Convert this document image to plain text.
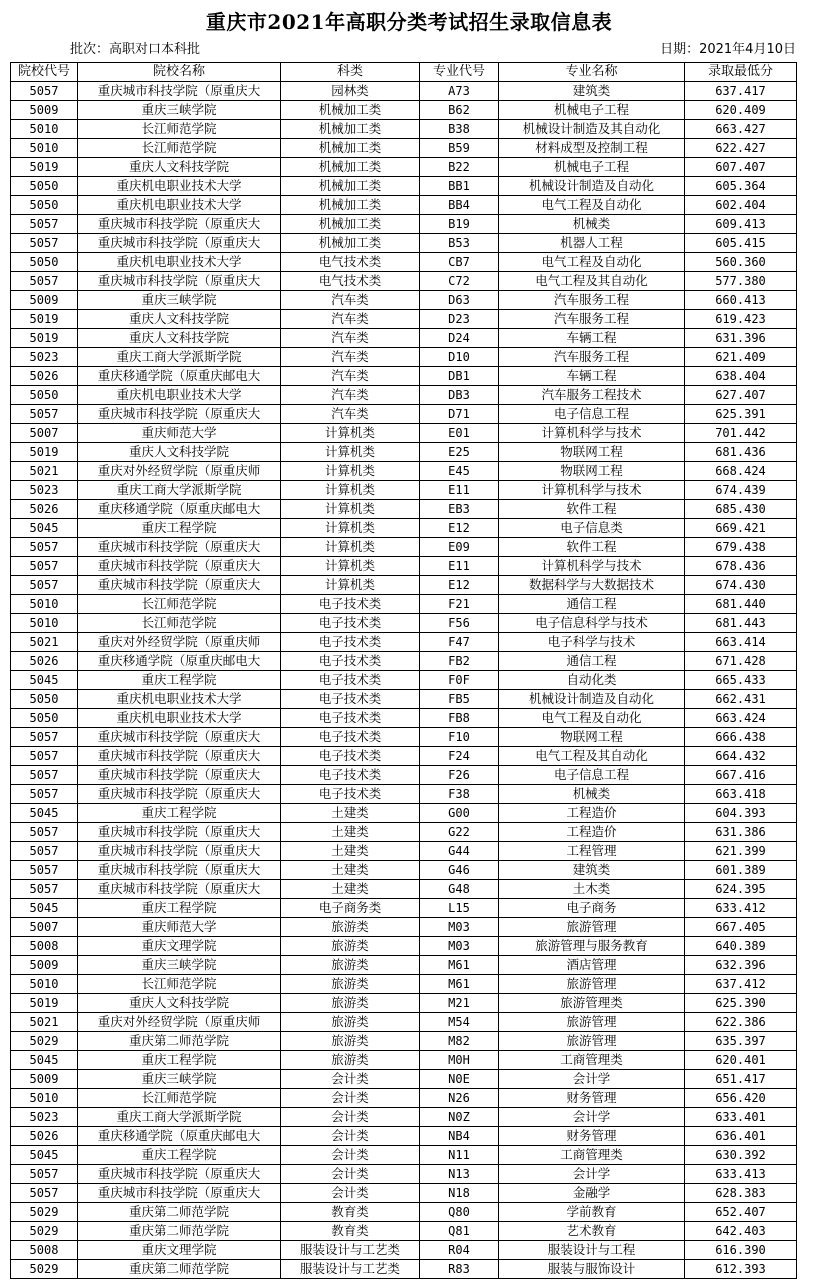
重庆市2021年高职分类考试招生录取信息表
批次：高职对口本科批	日期：2021年4月10日
院校代号	院校名称	科类	专业代号	专业名称	录取最低分
5057	重庆城市科技学院（原重庆大	园林类	A73	建筑类	637.417
5009	重庆三峡学院	机械加工类	B62	机械电子工程	620.409
5010	长江师范学院	机械加工类	B38	机械设计制造及其自动化	663.427
5010	长江师范学院	机械加工类	B59	材料成型及控制工程	622.427
5019	重庆人文科技学院	机械加工类	B22	机械电子工程	607.407
5050	重庆机电职业技术大学	机械加工类	BB1	机械设计制造及自动化	605.364
5050	重庆机电职业技术大学	机械加工类	BB4	电气工程及自动化	602.404
5057	重庆城市科技学院（原重庆大	机械加工类	B19	机械类	609.413
5057	重庆城市科技学院（原重庆大	机械加工类	B53	机器人工程	605.415
5050	重庆机电职业技术大学	电气技术类	CB7	电气工程及自动化	560.360
5057	重庆城市科技学院（原重庆大	电气技术类	C72	电气工程及其自动化	577.380
5009	重庆三峡学院	汽车类	D63	汽车服务工程	660.413
5019	重庆人文科技学院	汽车类	D23	汽车服务工程	619.423
5019	重庆人文科技学院	汽车类	D24	车辆工程	631.396
5023	重庆工商大学派斯学院	汽车类	D10	汽车服务工程	621.409
5026	重庆移通学院（原重庆邮电大	汽车类	DB1	车辆工程	638.404
5050	重庆机电职业技术大学	汽车类	DB3	汽车服务工程技术	627.407
5057	重庆城市科技学院（原重庆大	汽车类	D71	电子信息工程	625.391
5007	重庆师范大学	计算机类	E01	计算机科学与技术	701.442
5019	重庆人文科技学院	计算机类	E25	物联网工程	681.436
5021	重庆对外经贸学院（原重庆师	计算机类	E45	物联网工程	668.424
5023	重庆工商大学派斯学院	计算机类	E11	计算机科学与技术	674.439
5026	重庆移通学院（原重庆邮电大	计算机类	EB3	软件工程	685.430
5045	重庆工程学院	计算机类	E12	电子信息类	669.421
5057	重庆城市科技学院（原重庆大	计算机类	E09	软件工程	679.438
5057	重庆城市科技学院（原重庆大	计算机类	E11	计算机科学与技术	678.436
5057	重庆城市科技学院（原重庆大	计算机类	E12	数据科学与大数据技术	674.430
5010	长江师范学院	电子技术类	F21	通信工程	681.440
5010	长江师范学院	电子技术类	F56	电子信息科学与技术	681.443
5021	重庆对外经贸学院（原重庆师	电子技术类	F47	电子科学与技术	663.414
5026	重庆移通学院（原重庆邮电大	电子技术类	FB2	通信工程	671.428
5045	重庆工程学院	电子技术类	F0F	自动化类	665.433
5050	重庆机电职业技术大学	电子技术类	FB5	机械设计制造及自动化	662.431
5050	重庆机电职业技术大学	电子技术类	FB8	电气工程及自动化	663.424
5057	重庆城市科技学院（原重庆大	电子技术类	F10	物联网工程	666.438
5057	重庆城市科技学院（原重庆大	电子技术类	F24	电气工程及其自动化	664.432
5057	重庆城市科技学院（原重庆大	电子技术类	F26	电子信息工程	667.416
5057	重庆城市科技学院（原重庆大	电子技术类	F38	机械类	663.418
5045	重庆工程学院	土建类	G00	工程造价	604.393
5057	重庆城市科技学院（原重庆大	土建类	G22	工程造价	631.386
5057	重庆城市科技学院（原重庆大	土建类	G44	工程管理	621.399
5057	重庆城市科技学院（原重庆大	土建类	G46	建筑类	601.389
5057	重庆城市科技学院（原重庆大	土建类	G48	土木类	624.395
5045	重庆工程学院	电子商务类	L15	电子商务	633.412
5007	重庆师范大学	旅游类	M03	旅游管理	667.405
5008	重庆文理学院	旅游类	M03	旅游管理与服务教育	640.389
5009	重庆三峡学院	旅游类	M61	酒店管理	632.396
5010	长江师范学院	旅游类	M61	旅游管理	637.412
5019	重庆人文科技学院	旅游类	M21	旅游管理类	625.390
5021	重庆对外经贸学院（原重庆师	旅游类	M54	旅游管理	622.386
5029	重庆第二师范学院	旅游类	M82	旅游管理	635.397
5045	重庆工程学院	旅游类	M0H	工商管理类	620.401
5009	重庆三峡学院	会计类	N0E	会计学	651.417
5010	长江师范学院	会计类	N26	财务管理	656.420
5023	重庆工商大学派斯学院	会计类	N0Z	会计学	633.401
5026	重庆移通学院（原重庆邮电大	会计类	NB4	财务管理	636.401
5045	重庆工程学院	会计类	N11	工商管理类	630.392
5057	重庆城市科技学院（原重庆大	会计类	N13	会计学	633.413
5057	重庆城市科技学院（原重庆大	会计类	N18	金融学	628.383
5029	重庆第二师范学院	教育类	Q80	学前教育	652.407
5029	重庆第二师范学院	教育类	Q81	艺术教育	642.403
5008	重庆文理学院	服装设计与工艺类	R04	服装设计与工程	616.390
5029	重庆第二师范学院	服装设计与工艺类	R83	服装与服饰设计	612.393
